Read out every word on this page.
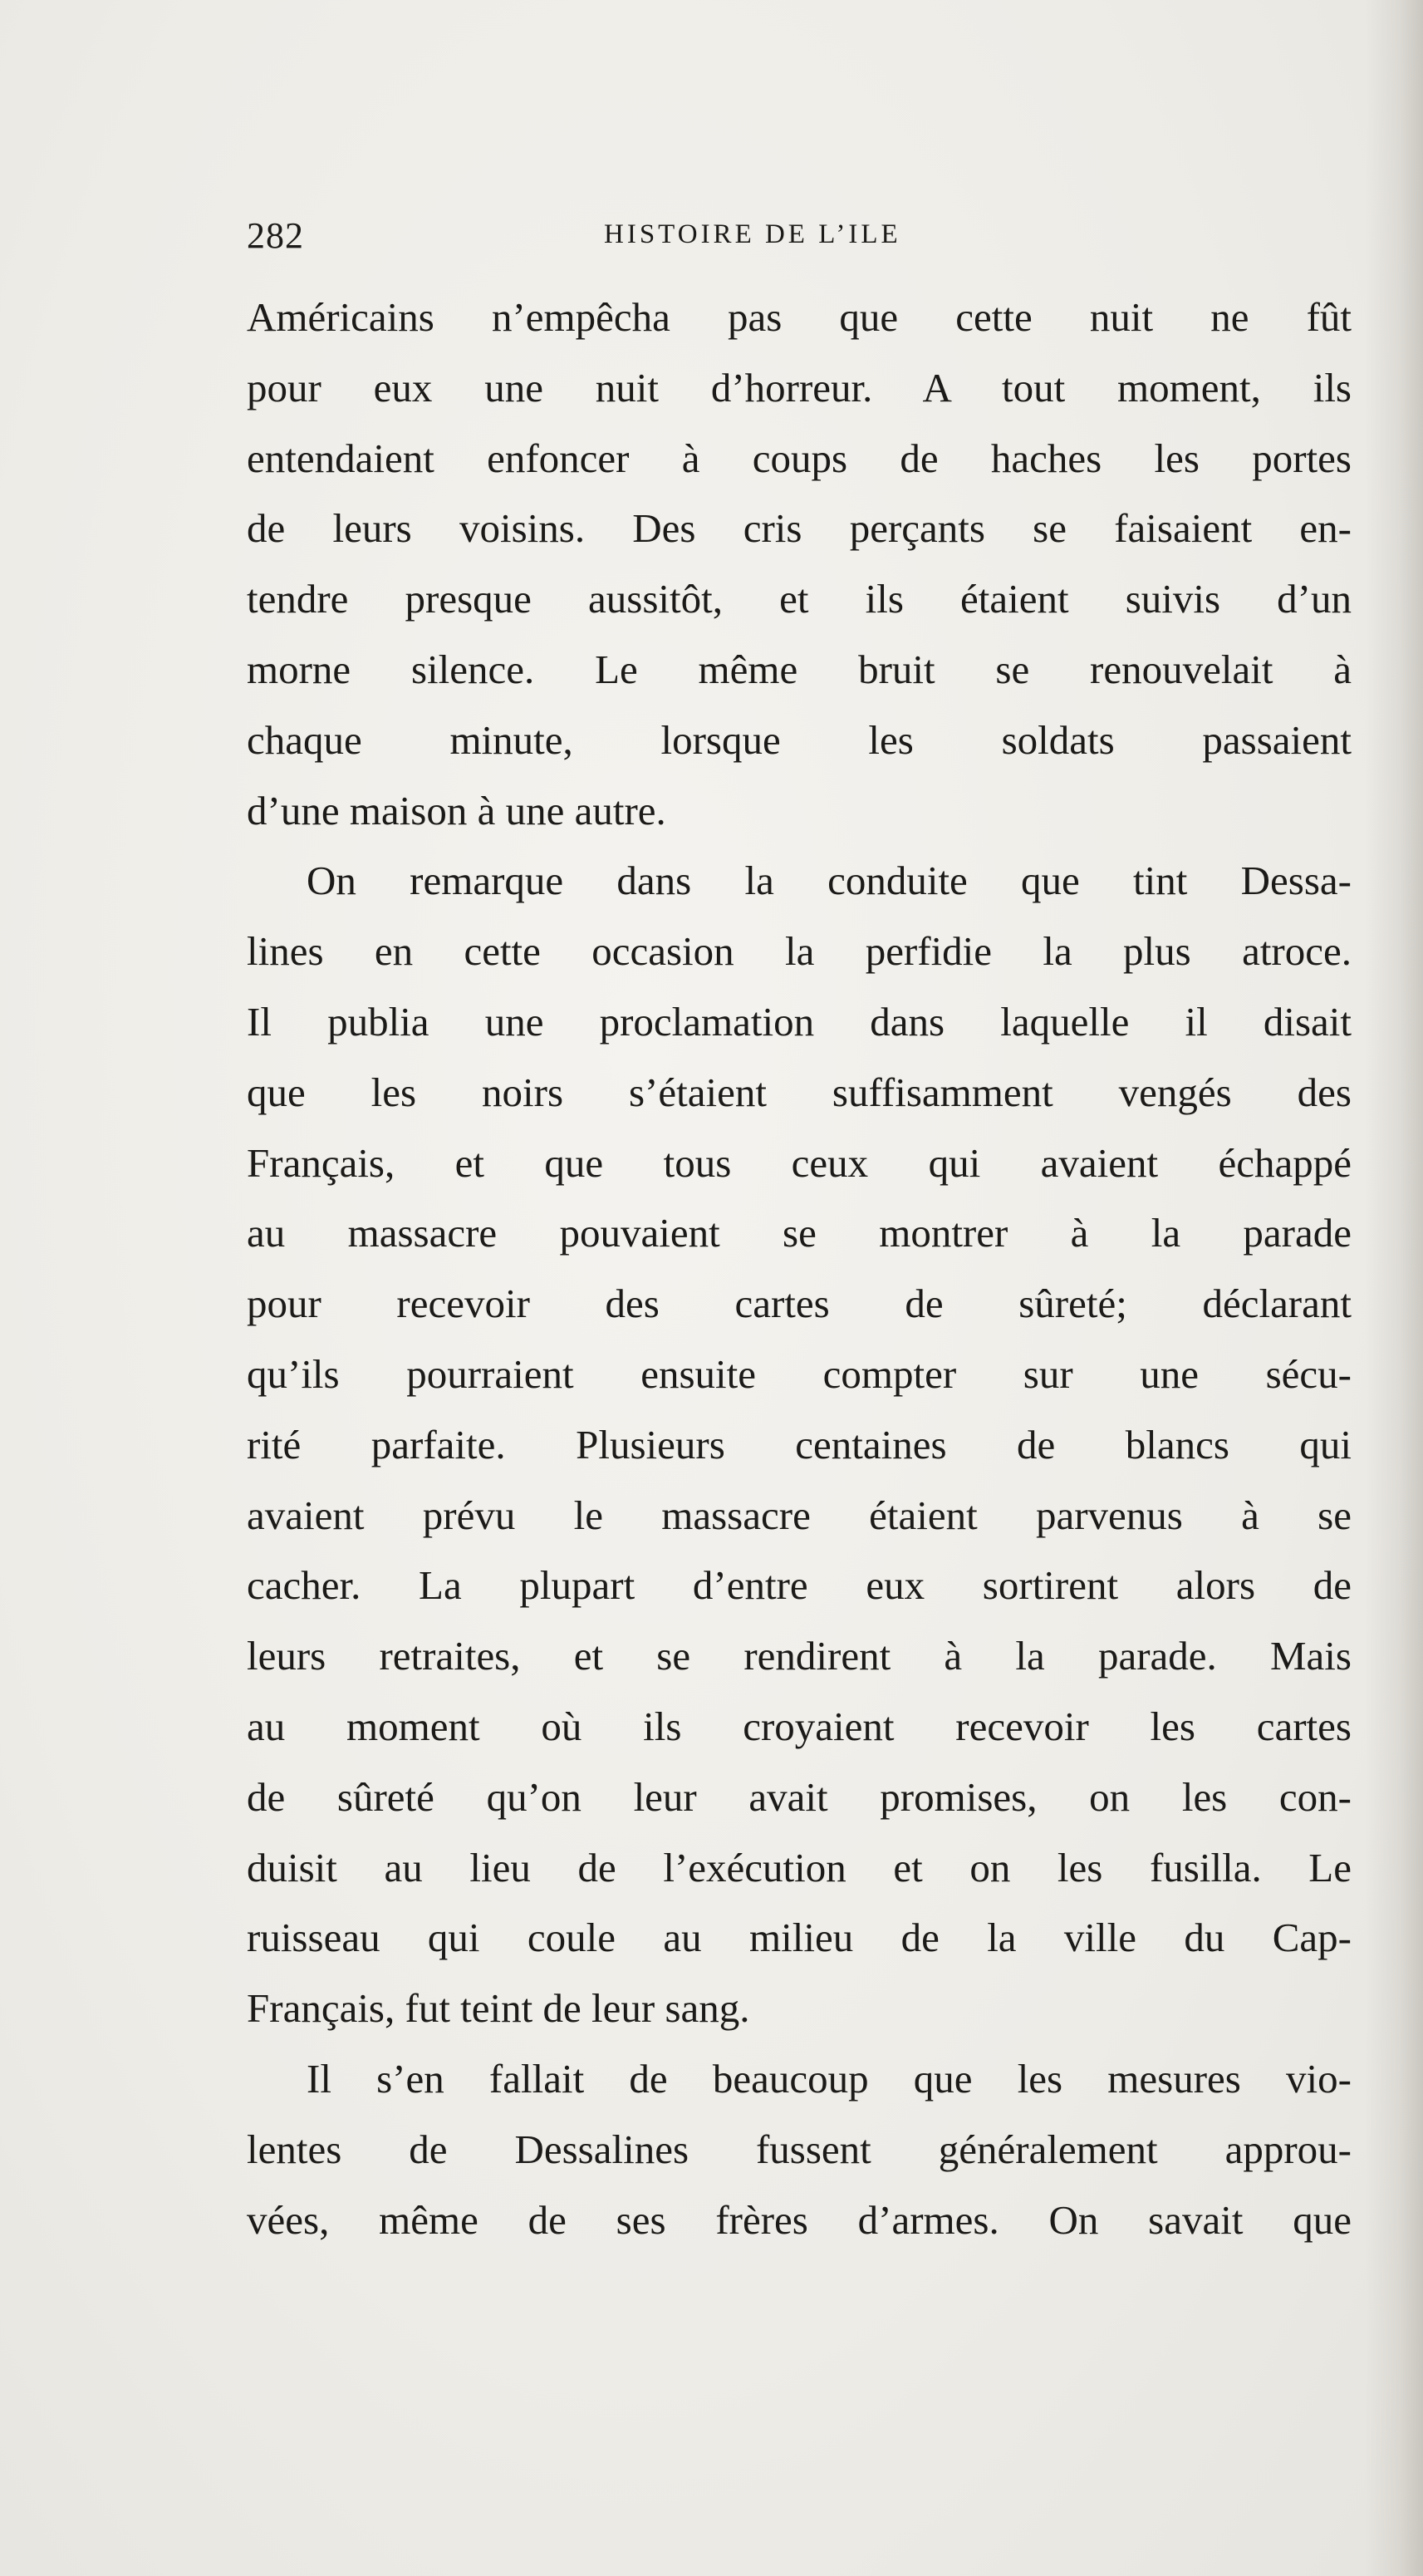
282	HISTOIRE DE L’ILE
Américains n’empêcha pas que cette nuit ne fût
pour eux une nuit d’horreur. A tout moment, ils
entendaient enfoncer à coups de haches les portes
de leurs voisins. Des cris perçants se faisaient en-
tendre presque aussitôt, et ils étaient suivis d’un
morne silence. Le même bruit se renouvelait à
chaque minute, lorsque les soldats passaient
d’une maison à une autre.
On remarque dans la conduite que tint Dessa-
lines en cette occasion la perfidie la plus atroce.
Il publia une proclamation dans laquelle il disait
que les noirs s’étaient suffisamment vengés des
Français, et que tous ceux qui avaient échappé
au massacre pouvaient se montrer à la parade
pour recevoir des cartes de sûreté; déclarant
qu’ils pourraient ensuite compter sur une sécu-
rité parfaite. Plusieurs centaines de blancs qui
avaient prévu le massacre étaient parvenus à se
cacher. La plupart d’entre eux sortirent alors de
leurs retraites, et se rendirent à la parade. Mais
au moment où ils croyaient recevoir les cartes
de sûreté qu’on leur avait promises, on les con-
duisit au lieu de l’exécution et on les fusilla. Le
ruisseau qui coule au milieu de la ville du Cap-
Français, fut teint de leur sang.
Il s’en fallait de beaucoup que les mesures vio-
lentes de Dessalines fussent généralement approu-
vées, même de ses frères d’armes. On savait que
